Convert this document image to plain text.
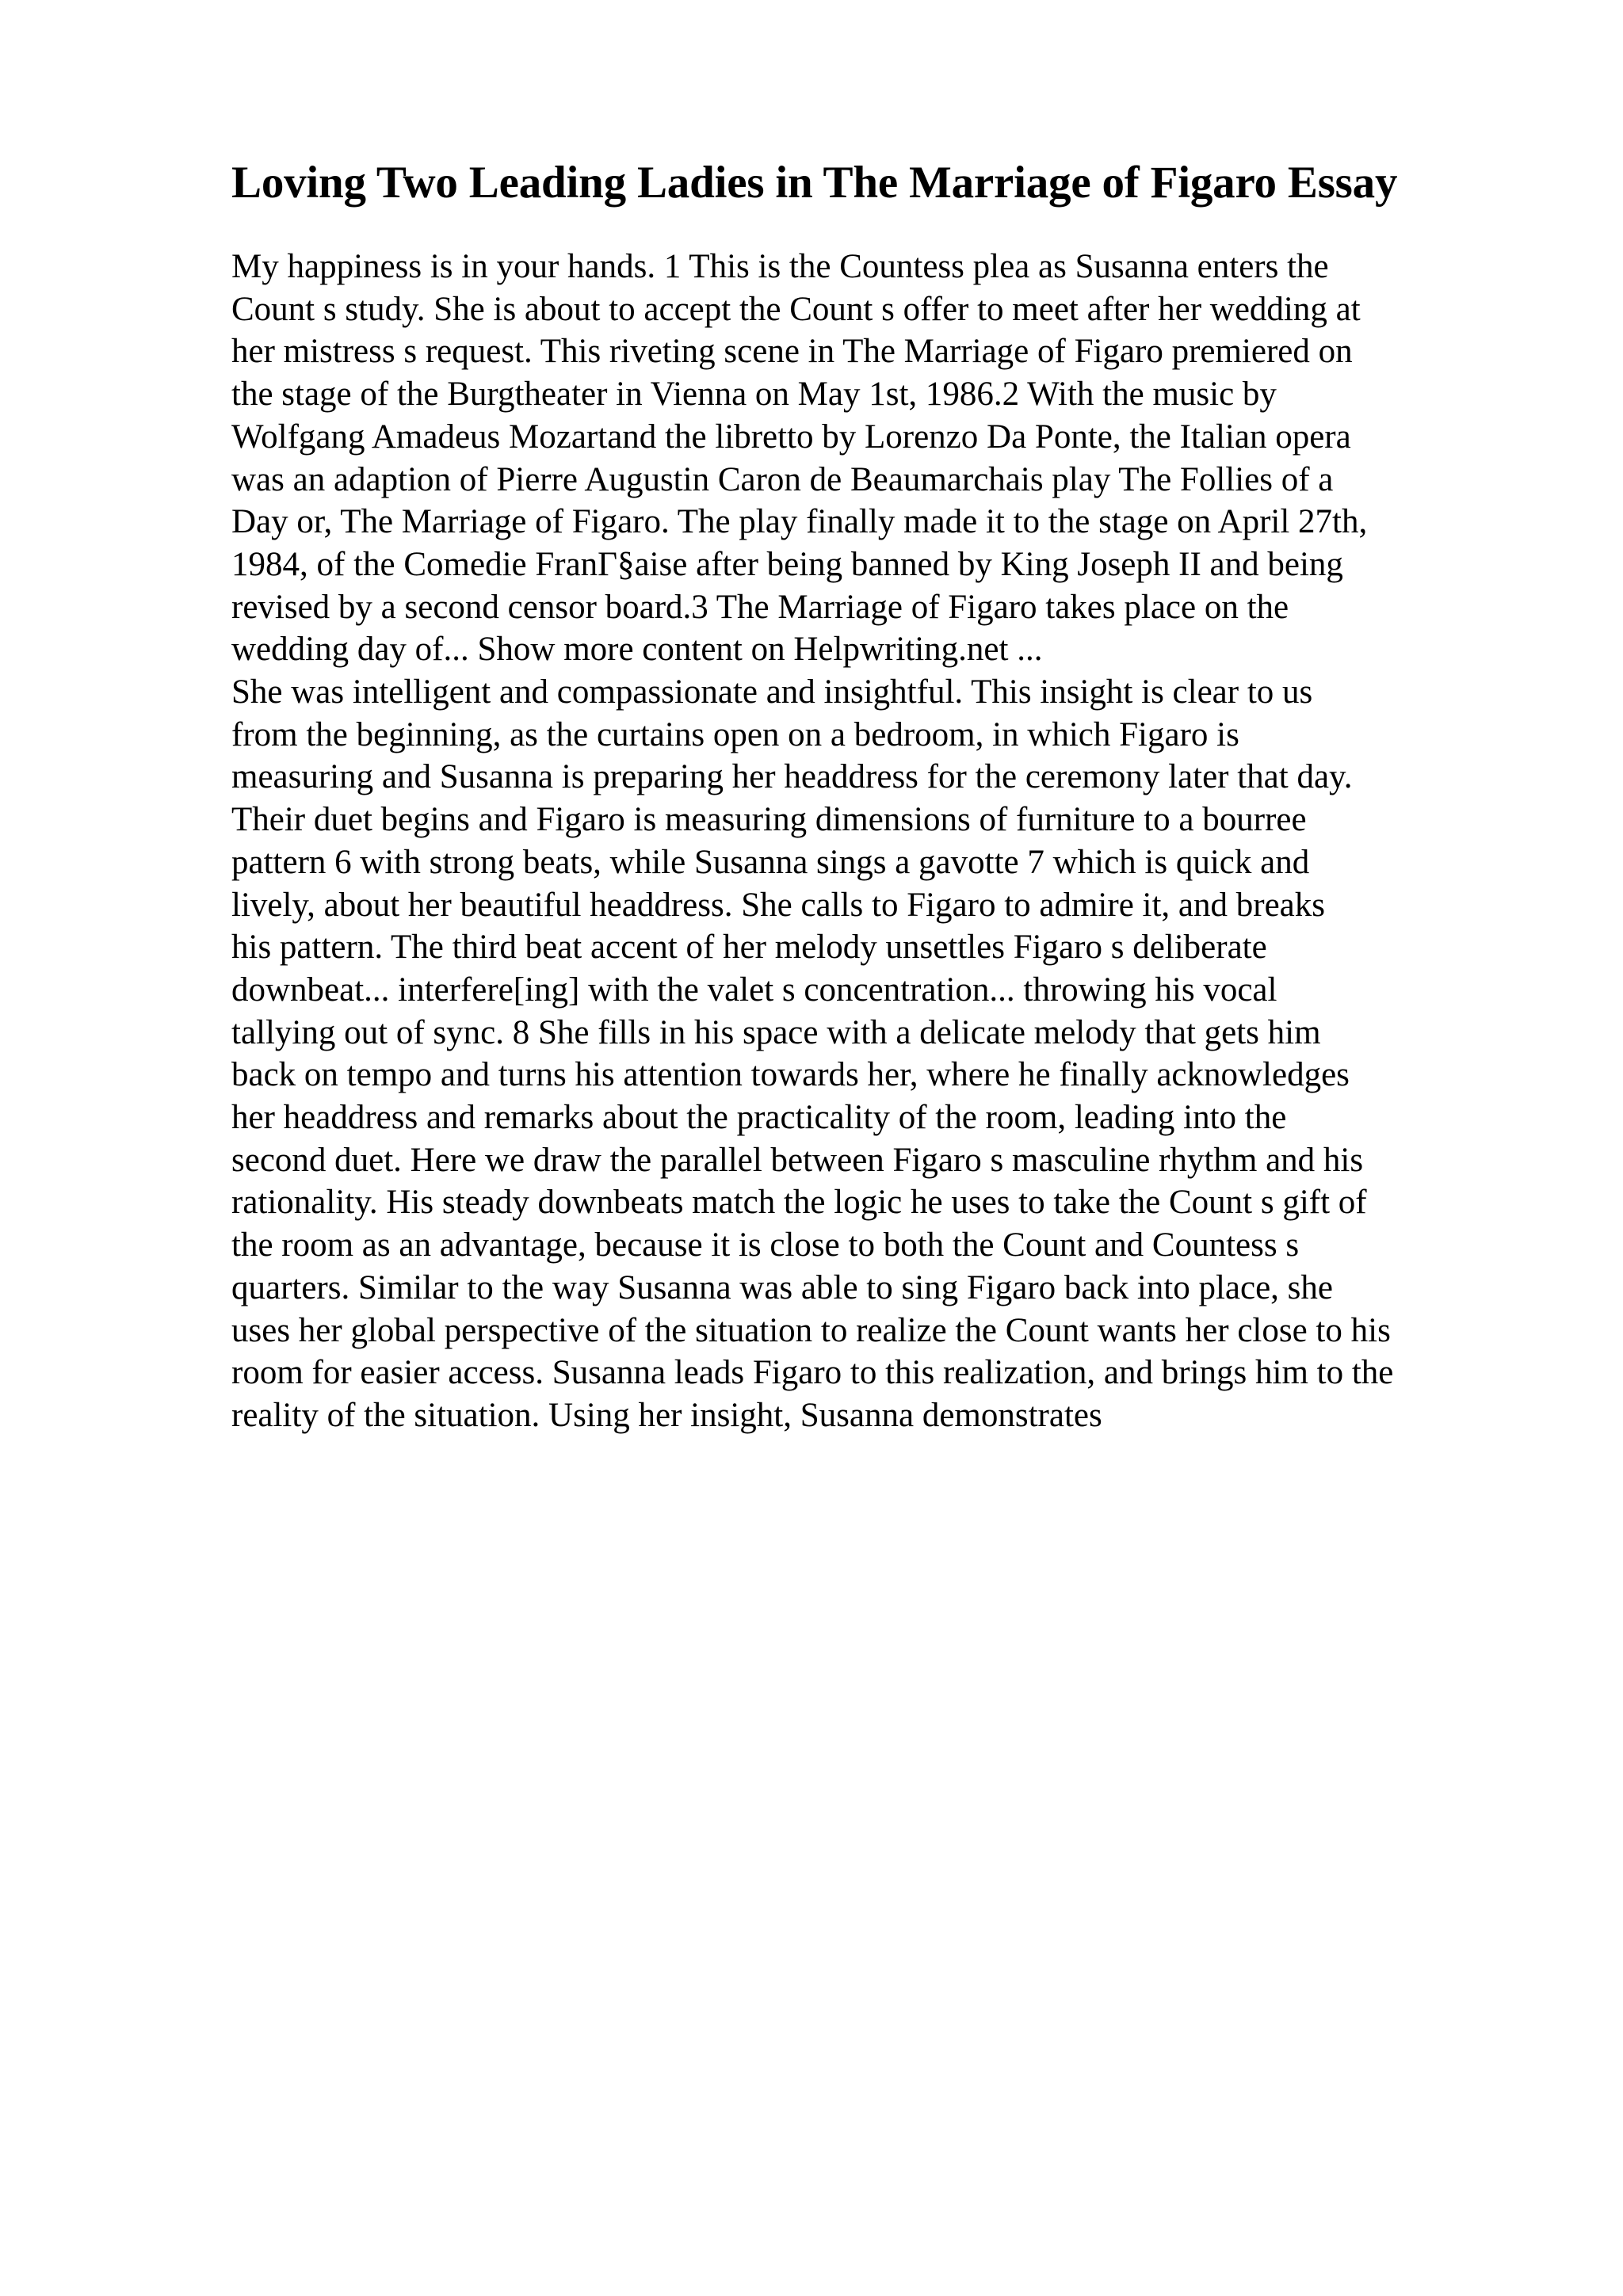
Loving Two Leading Ladies in The Marriage of Figaro Essay
My happiness is in your hands. 1 This is the Countess plea as Susanna enters the
Count s study. She is about to accept the Count s offer to meet after her wedding at
her mistress s request. This riveting scene in The Marriage of Figaro premiered on
the stage of the Burgtheater in Vienna on May 1st, 1986.2 With the music by
Wolfgang Amadeus Mozartand the libretto by Lorenzo Da Ponte, the Italian opera
was an adaption of Pierre Augustin Caron de Beaumarchais play The Follies of a
Day or, The Marriage of Figaro. The play finally made it to the stage on April 27th,
1984, of the Comedie FranΓ§aise after being banned by King Joseph II and being
revised by a second censor board.3 The Marriage of Figaro takes place on the
wedding day of... Show more content on Helpwriting.net ...
She was intelligent and compassionate and insightful. This insight is clear to us
from the beginning, as the curtains open on a bedroom, in which Figaro is
measuring and Susanna is preparing her headdress for the ceremony later that day.
Their duet begins and Figaro is measuring dimensions of furniture to a bourree
pattern 6 with strong beats, while Susanna sings a gavotte 7 which is quick and
lively, about her beautiful headdress. She calls to Figaro to admire it, and breaks
his pattern. The third beat accent of her melody unsettles Figaro s deliberate
downbeat... interfere[ing] with the valet s concentration... throwing his vocal
tallying out of sync. 8 She fills in his space with a delicate melody that gets him
back on tempo and turns his attention towards her, where he finally acknowledges
her headdress and remarks about the practicality of the room, leading into the
second duet. Here we draw the parallel between Figaro s masculine rhythm and his
rationality. His steady downbeats match the logic he uses to take the Count s gift of
the room as an advantage, because it is close to both the Count and Countess s
quarters. Similar to the way Susanna was able to sing Figaro back into place, she
uses her global perspective of the situation to realize the Count wants her close to his
room for easier access. Susanna leads Figaro to this realization, and brings him to the
reality of the situation. Using her insight, Susanna demonstrates
